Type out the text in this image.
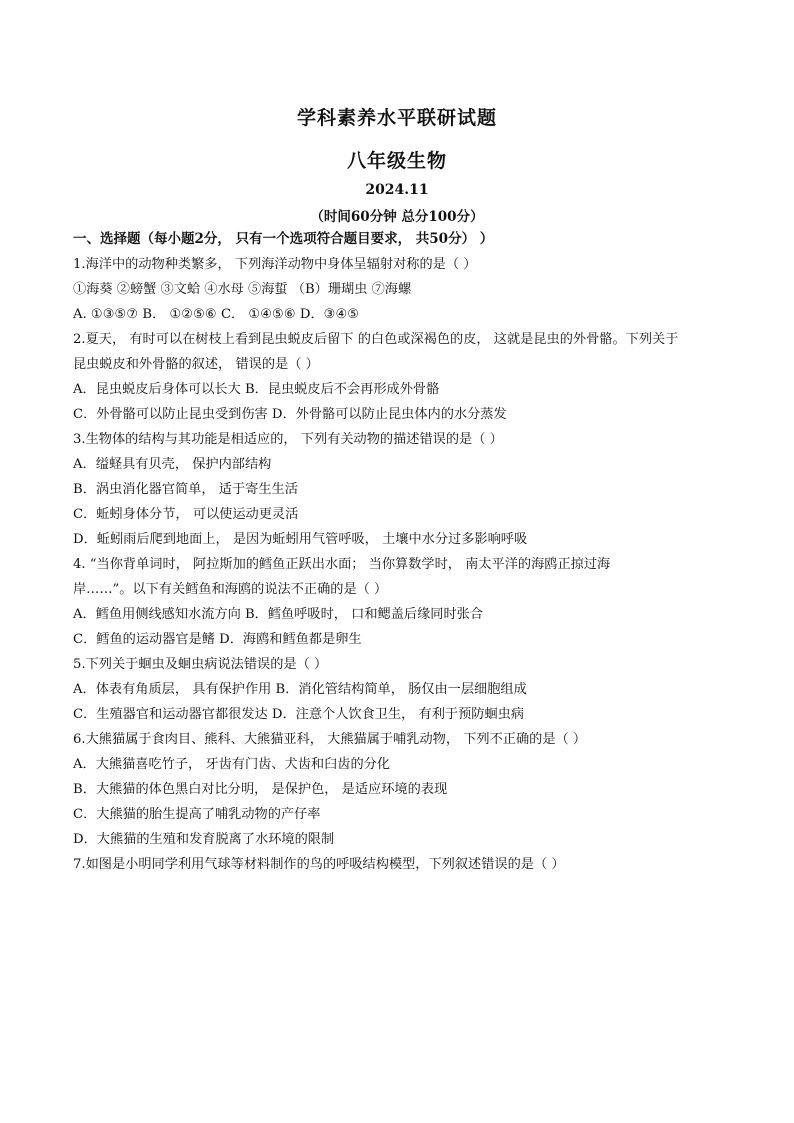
学科素养水平联研试题
八年级生物
2024.11
（时间60分钟 总分100分）
一、选择题（每小题2分， 只有一个选项符合题目要求， 共50分） ）
1.海洋中的动物种类繁多， 下列海洋动物中身体呈辐射对称的是（ ）
①海葵 ②螃蟹 ③文蛤 ④水母 ⑤海蜇 （B）珊瑚虫 ⑦海螺
A. ①③⑤⑦ B． ①②⑤⑥ C． ①④⑤⑥ D．③④⑤
2.夏天， 有时可以在树枝上看到昆虫蜕皮后留下 的白色或深褐色的皮， 这就是昆虫的外骨骼。下列关于
昆虫蜕皮和外骨骼的叙述， 错误的是（ ）
A．昆虫蜕皮后身体可以长大 B．昆虫蜕皮后不会再形成外骨骼
C．外骨骼可以防止昆虫受到伤害 D．外骨骼可以防止昆虫体内的水分蒸发
3.生物体的结构与其功能是相适应的， 下列有关动物的描述错误的是（ ）
A．缢蛏具有贝壳， 保护内部结构
B．涡虫消化器官简单， 适于寄生生活
C．蚯蚓身体分节， 可以使运动更灵活
D．蚯蚓雨后爬到地面上， 是因为蚯蚓用气管呼吸， 土壤中水分过多影响呼吸
4. “当你背单词时， 阿拉斯加的鳕鱼正跃出水面； 当你算数学时， 南太平洋的海鸥正掠过海
岸……”。以下有关鳕鱼和海鸥的说法不正确的是（ ）
A．鳕鱼用侧线感知水流方向 B．鳕鱼呼吸时， 口和鳃盖后缘同时张合
C．鳕鱼的运动器官是鳍 D．海鸥和鳕鱼都是卵生
5.下列关于蛔虫及蛔虫病说法错误的是（ ）
A．体表有角质层， 具有保护作用 B．消化管结构简单， 肠仅由一层细胞组成
C．生殖器官和运动器官都很发达 D．注意个人饮食卫生， 有利于预防蛔虫病
6.大熊猫属于食肉目、熊科、大熊猫亚科， 大熊猫属于哺乳动物， 下列不正确的是（ ）
A．大熊猫喜吃竹子， 牙齿有门齿、犬齿和臼齿的分化
B．大熊猫的体色黑白对比分明， 是保护色， 是适应环境的表现
C．大熊猫的胎生提高了哺乳动物的产仔率
D．大熊猫的生殖和发育脱离了水环境的限制
7.如图是小明同学利用气球等材料制作的鸟的呼吸结构模型，下列叙述错误的是（ ）
